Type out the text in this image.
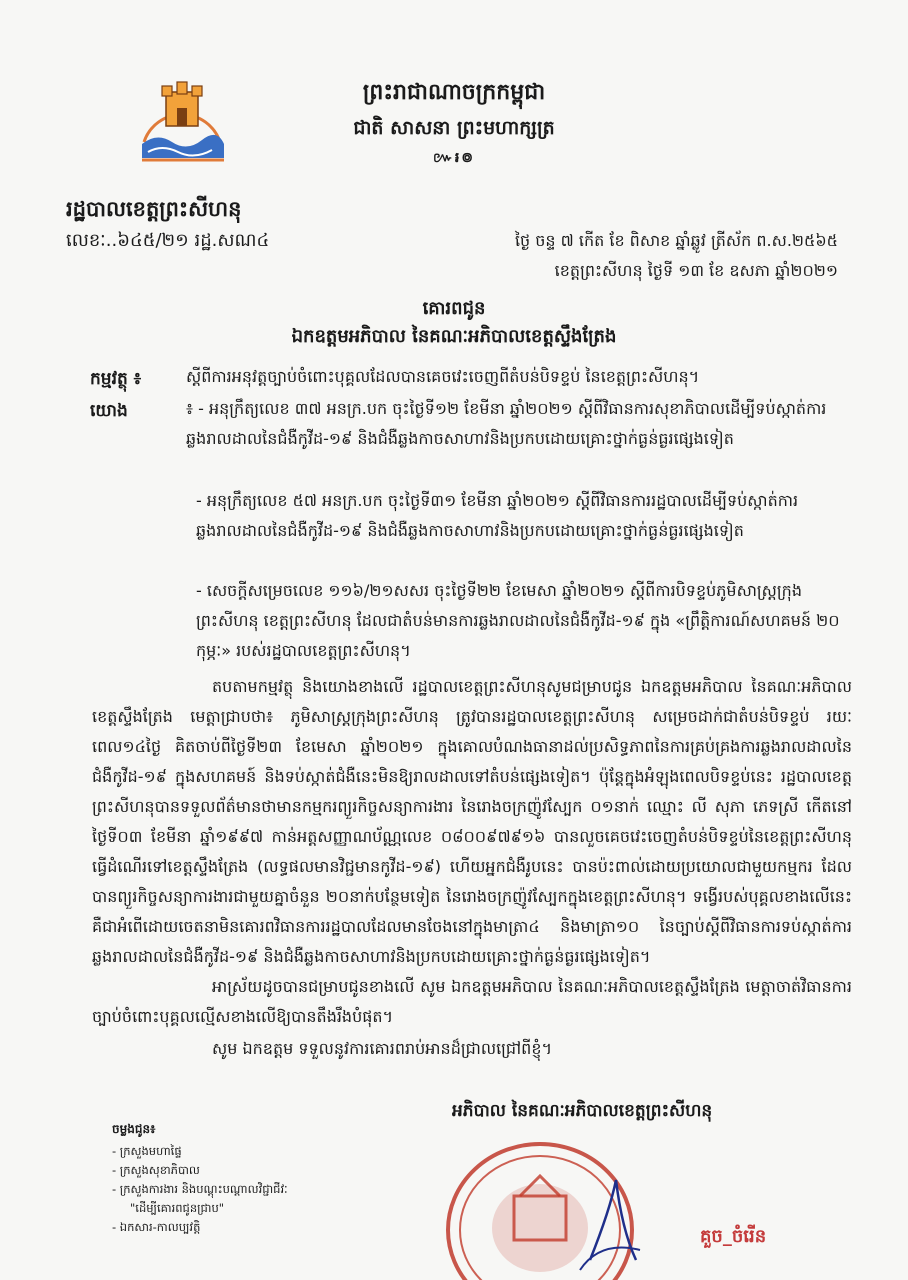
ព្រះរាជាណាចក្រកម្ពុជា
ជាតិ សាសនា ព្រះមហាក្សត្រ
៚៛៙
រដ្ឋបាលខេត្តព្រះសីហនុ
លេខៈ..៦៤៥/២១ រដ្ឋ.សណ៤	ថ្ងៃ ចន្ទ ៧ កើត ខែ ពិសាខ ឆ្នាំឆ្លូវ ត្រីស័ក ព.ស.២៥៦៥
ខេត្តព្រះសីហនុ ថ្ងៃទី ១៣ ខែ ឧសភា ឆ្នាំ២០២១
គោរពជូន
ឯកឧត្តមអភិបាល នៃគណៈអភិបាលខេត្តស្ទឹងត្រែង
កម្មវត្ថុ ៖	ស្តីពីការអនុវត្តច្បាប់ចំពោះបុគ្គលដែលបានគេចវេះចេញពីតំបន់បិទខ្ទប់ នៃខេត្តព្រះសីហនុ។
យោង	៖ - អនុក្រឹត្យលេខ ៣៧ អនក្រ.បក ចុះថ្ងៃទី១២ ខែមីនា ឆ្នាំ២០២១ ស្តីពីវិធានការសុខាភិបាលដើម្បីទប់ស្កាត់ការឆ្លងរាលដាលនៃជំងឺកូវីដ-១៩ និងជំងឺឆ្លងកាចសាហាវនិងប្រកបដោយគ្រោះថ្នាក់ធ្ងន់ធ្ងរផ្សេងទៀត
- អនុក្រឹត្យលេខ ៥៧ អនក្រ.បក ចុះថ្ងៃទី៣១ ខែមីនា ឆ្នាំ២០២១ ស្តីពីវិធានការរដ្ឋបាលដើម្បីទប់ស្កាត់ការឆ្លងរាលដាលនៃជំងឺកូវីដ-១៩ និងជំងឺឆ្លងកាចសាហាវនិងប្រកបដោយគ្រោះថ្នាក់ធ្ងន់ធ្ងរផ្សេងទៀត
- សេចក្តីសម្រេចលេខ ១១៦/២១សសរ ចុះថ្ងៃទី២២ ខែមេសា ឆ្នាំ២០២១ ស្តីពីការបិទខ្ទប់ភូមិសាស្ត្រក្រុងព្រះសីហនុ ខេត្តព្រះសីហនុ ដែលជាតំបន់មានការឆ្លងរាលដាលនៃជំងឺកូវីដ-១៩ ក្នុង «ព្រឹត្តិការណ៍សហគមន៍ ២០ កុម្ភៈ» របស់រដ្ឋបាលខេត្តព្រះសីហនុ។
តបតាមកម្មវត្ថុ និងយោងខាងលើ រដ្ឋបាលខេត្តព្រះសីហនុសូមជម្រាបជូន ឯកឧត្តមអភិបាល នៃគណៈអភិបាលខេត្តស្ទឹងត្រែង មេត្តាជ្រាបថា៖ ភូមិសាស្ត្រក្រុងព្រះសីហនុ ត្រូវបានរដ្ឋបាលខេត្តព្រះសីហនុ សម្រេចដាក់ជាតំបន់បិទខ្ទប់ រយៈពេល១៤ថ្ងៃ គិតចាប់ពីថ្ងៃទី២៣ ខែមេសា ឆ្នាំ២០២១ ក្នុងគោលបំណងធានាដល់ប្រសិទ្ធភាពនៃការគ្រប់គ្រងការឆ្លងរាលដាលនៃជំងឺកូវីដ-១៩ ក្នុងសហគមន៍ និងទប់ស្កាត់ជំងឺនេះមិនឱ្យរាលដាលទៅតំបន់ផ្សេងទៀត។ ប៉ុន្តែក្នុងអំឡុងពេលបិទខ្ទប់នេះ រដ្ឋបាលខេត្តព្រះសីហនុបានទទួលព័ត៌មានថាមានកម្មករព្យួរកិច្ចសន្យាការងារ នៃរោងចក្រញ៉ូវស្បែក ០១នាក់ ឈ្មោះ លី សុភា ភេទស្រី កើតនៅថ្ងៃទី០៣ ខែមីនា ឆ្នាំ១៩៩៧ កាន់អត្តសញ្ញាណប័ណ្ណលេខ ០៨០០៩៧៩១៦ បានលួចគេចវេះចេញតំបន់បិទខ្ទប់នៃខេត្តព្រះសីហនុ ធ្វើដំណើរទៅខេត្តស្ទឹងត្រែង (លទ្ធផលមានវិជ្ជមានកូវីដ-១៩) ហើយអ្នកជំងឺរូបនេះ បានប៉ះពាល់ដោយប្រយោលជាមួយកម្មករ ដែលបានព្យួរកិច្ចសន្យាការងារជាមួយគ្នាចំនួន ២០នាក់បន្ថែមទៀត នៃរោងចក្រញ៉ូវស្បែកក្នុងខេត្តព្រះសីហនុ។ ទង្វើរបស់បុគ្គលខាងលើនេះ គឺជាអំពើដោយចេតនាមិនគោរពវិធានការរដ្ឋបាលដែលមានចែងនៅក្នុងមាត្រា៤ និងមាត្រា១០ នៃច្បាប់ស្តីពីវិធានការទប់ស្កាត់ការឆ្លងរាលដាលនៃជំងឺកូវីដ-១៩ និងជំងឺឆ្លងកាចសាហាវនិងប្រកបដោយគ្រោះថ្នាក់ធ្ងន់ធ្ងរផ្សេងទៀត។
អាស្រ័យដូចបានជម្រាបជូនខាងលើ សូម ឯកឧត្តមអភិបាល នៃគណៈអភិបាលខេត្តស្ទឹងត្រែង មេត្តាចាត់វិធានការច្បាប់ចំពោះបុគ្គលល្មើសខាងលើឱ្យបានតឹងរឹងបំផុត។
សូម ឯកឧត្តម ទទួលនូវការគោរពរាប់អានដ៏ជ្រាលជ្រៅពីខ្ញុំ។
ចម្លងជូន៖
- ក្រសួងមហាផ្ទៃ
- ក្រសួងសុខាភិបាល
- ក្រសួងការងារ និងបណ្តុះបណ្តាលវិជ្ជាជីវៈ
"ដើម្បីគោរពជូនជ្រាប"
- ឯកសារ-កាលប្បវត្តិ
អភិបាល នៃគណៈអភិបាលខេត្តព្រះសីហនុ
គួច_ចំរើន
